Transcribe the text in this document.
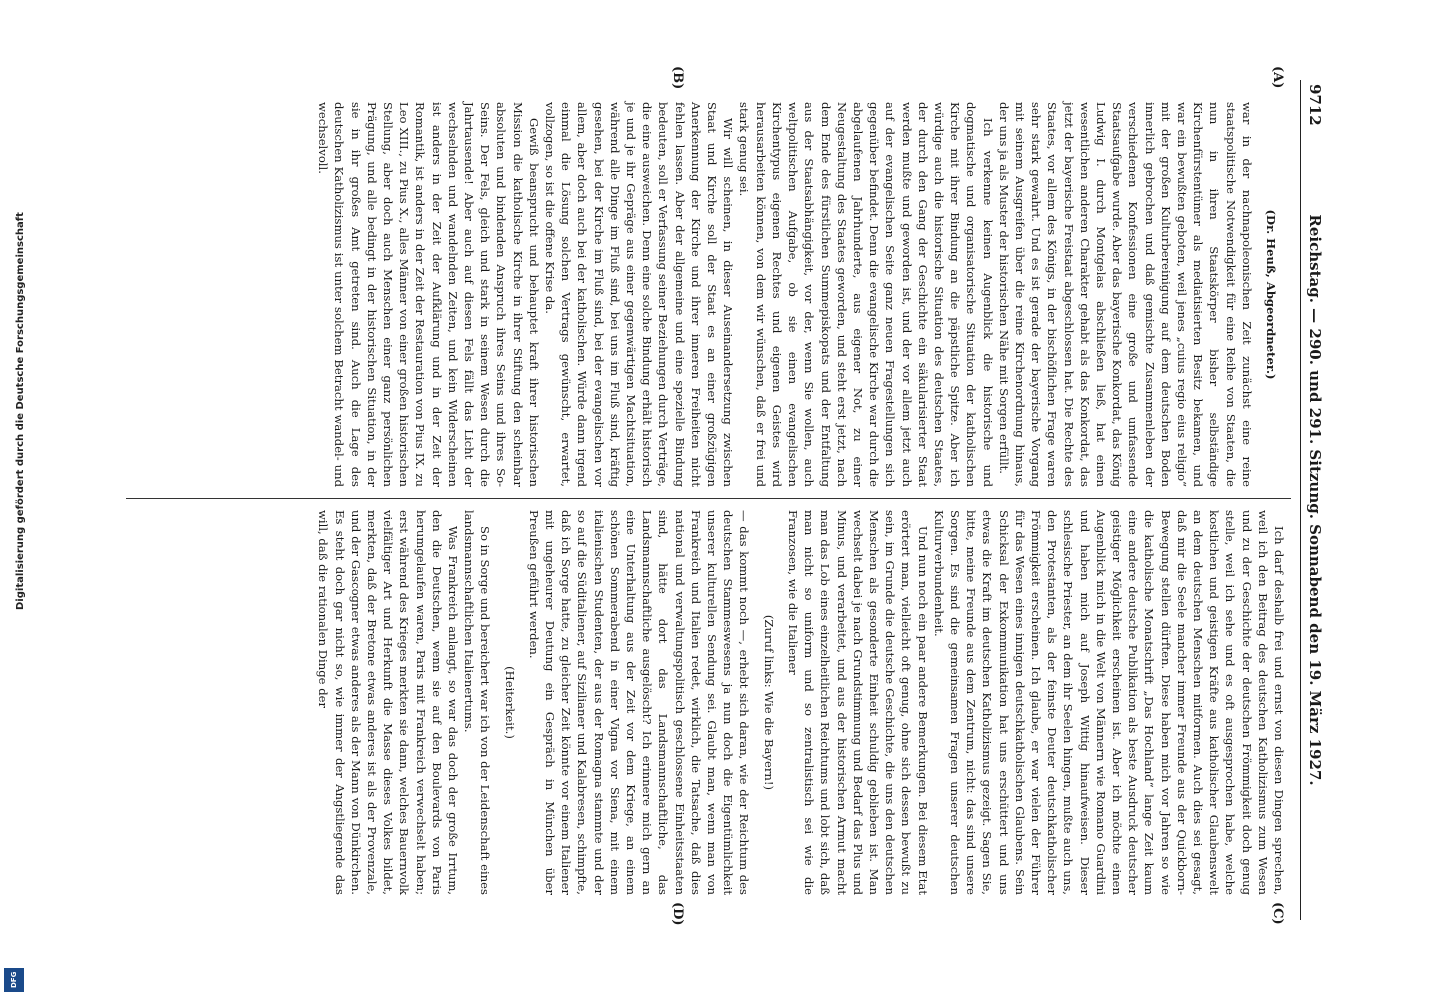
9712
Reichstag. — 290. und 291. Sitzung. Sonnabend den 19. März 1927.
(A)
(B)
(C)
(D)

(Dr. Heuß, Abgeordneter.)

war in der nachnapoleonischen Zeit zunächst eine reine staatspolitische Notwendigkeit für eine Reihe von Staaten, die nun in ihren Staatskörper bisher selbständige Kirchenfürstentümer als mediatisierten Besitz bekamen, und war ein bewußten geboten, weil jenes „cuius regio eius religio“ mit der großen Kulturbereinigung auf dem deutschen Boden innerlich gebrochen und daß gemischte Zusammenleben der verschiedenen Konfessionen eine große und umfassende Staatsaufgabe wurde. Aber das bayerische Konkordat, das König Ludwig I. durch Montgelas abschließen ließ, hat einen wesentlichen anderen Charakter gehabt als das Konkordat, das jetzt der bayerische Freistaat abgeschlossen hat. Die Rechte des Staates, vor allem des Königs, in der bischöflichen Frage waren sehr stark gewahrt. Und es ist gerade der bayerische Vorgang mit seinem Ausgreifen über die reine Kirchenordnung hinaus, der uns ja als Muster der historischen Nähe mit Sorgen erfüllt.

Ich verkenne keinen Augenblick die historische und dogmatische und organisatorische Situation der katholischen Kirche mit ihrer Bindung an die päpstliche Spitze. Aber ich würdige auch die historische Situation des deutschen Staates, der durch den Gang der Geschichte ein säkularisierter Staat werden mußte und geworden ist, und der vor allem jetzt auch auf der evangelischen Seite ganz neuen Fragestellungen sich gegenüber befindet. Denn die evangelische Kirche war durch die abgelaufenen Jahrhunderte, aus eigener Not, zu einer Neugestaltung des Staates geworden, und steht erst jetzt, nach dem Ende des fürstlichen Summepiskopats und der Entfaltung aus der Staatsabhängigkeit, vor der, wenn Sie wollen, auch weltpolitischen Aufgabe, ob sie einen evangelischen Kirchentypus eigenen Rechtes und eigenen Geistes wird herausarbeiten können, von dem wir wünschen, daß er frei und stark genug sei.

Wir will scheinen, in dieser Auseinandersetzung zwischen Staat und Kirche soll der Staat es an einer großzügigen Anerkennung der Kirche und ihrer inneren Freiheiten nicht fehlen lassen. Aber der allgemeine und eine spezielle Bindung bedeuten, soll er Verfassung seiner Beziehungen durch Verträge, die eine ausweichen. Denn eine solche Bindung erhält historisch je und je ihr Gepräge aus einer gegenwärtigen Machtsituation, während alle Dinge im Fluß sind, bei uns im Fluß sind, kräftig gesehen, bei der Kirche im Fluß sind, bei der evangelischen vor allem, aber doch auch bei der katholischen. Würde dann irgend einmal die Lösung solchen Vertrags gewünscht, erwartet, vollzogen, so ist die offene Krise da.

Gewiß beansprucht und behauptet kraft ihrer historischen Mission die katholische Kirche in ihrer Stiftung den scheinbar absoluten und bindenden Anspruch ihres Seins und ihres So-Seins. Der Fels, gleich und stark in seinem Wesen durch die Jahrtausende! Aber auch auf diesen Fels fällt das Licht der wechselnden und wandelnden Zeiten, und kein Widerscheinen ist anders in der Zeit der Aufklärung und in der Zeit der Romantik, ist anders in der Zeit der Restauration von Pius IX. zu Leo XIII., zu Pius X., alles Männer von einer großen historischen Stellung, aber doch auch Menschen einer ganz persönlichen Prägung, und alle bedingt in der historischen Situation, in der sie in ihr großes Amt getreten sind. Auch die Lage des deutschen Katholizismus ist unter solchem Betracht wandel- und wechselvoll.

Ich darf deshalb frei und ernst von diesen Dingen sprechen, weil ich den Beitrag des deutschen Katholizismus zum Wesen und zu der Geschichte der deutschen Frömmigkeit doch genug stelle, weil ich sehe und es oft ausgesprochen habe, welche kostlichen und geistigen Kräfte aus katholischer Glaubenswelt an dem deutschen Menschen mitformen. Auch dies sei gesagt, daß mir die Seele mancher immer Freunde aus der Quickborn-Bewegung stellen dürften. Diese haben mich vor Jahren so wie die katholische Monatschrift „Das Hochland“ lange Zeit kaum eine andere deutsche Publikation als beste Ausdruck deutscher geistiger Möglichkeit erscheinen ist. Aber ich möchte einen Augenblick mich in die Welt von Männern wie Romano Guardini und haben mich auf Joseph Wittig hinaufweisen. Dieser schlesische Priester, an dem ihr Seelen hingen, mußte auch uns, den Protestanten, als der feinste Deuter deutschkatholischer Frömmigkeit erscheinen. Ich glaube, er war vielen der Führer für das Wesen eines innigen deutschkatholischen Glaubens. Sein Schicksal der Exkommunikation hat uns erschüttert und uns etwas die Kraft im deutschen Katholizismus gezeigt. Sagen Sie, bitte, meine Freunde aus dem Zentrum, nicht: das sind unsere Sorgen. Es sind die gemeinsamen Fragen unserer deutschen Kulturverbundenheit.

Und nun noch ein paar andere Bemerkungen. Bei diesem Etat erörtert man, vielleicht oft genug, ohne sich dessen bewußt zu sein, im Grunde die deutsche Geschichte, die uns den deutschen Menschen als gesonderte Einheit schuldig geblieben ist. Man wechselt dabei je nach Grundstimmung und Bedarf das Plus und Minus, und verarbeitet, und aus der historischen Armut macht man das Lob eines einzelheitlichen Reichtums und lobt sich, daß man nicht so uniform und so zentralistisch sei wie die Franzosen, wie die Italiener

(Zuruf links: Wie die Bayern!)

— das kommt noch —, erhebt sich daran, wie der Reichtum des deutschen Stammeswesens ja nun doch die Eigentümlichkeit unserer kulturellen Sendung sei. Glaubt man, wenn man von Frankreich und Italien redet, wirklich, die Tatsache, daß dies national und verwaltungspolitisch geschlossene Einheitsstaaten sind, hätte dort das Landsmannschaftliche, das Landsmannschaftliche ausgelöscht? Ich erinnere mich gern an eine Unterhaltung aus der Zeit vor dem Kriege, an einem schönen Sommerabend in einer Vigna vor Siena, mit einem italienischen Studenten, der aus der Romagna stammte und der so auf die Süditaliener, auf Sizilianer und Kalabresen, schimpfte, daß ich Sorge hatte, zu gleicher Zeit könnte vor einem Italiener mit ungeheurer Deutung ein Gespräch in München über Preußen geführt werden.

(Heiterkeit.)

So in Sorge und bereichert war ich von der Leidenschaft eines landsmannschaftlichen Italienertums.

Was Frankreich anlangt, so war das doch der große Irrtum, den die Deutschen, wenn sie auf den Boulevards von Paris herumgelaufen waren, Paris mit Frankreich verwechselt haben; erst während des Krieges merkten sie dann, welches Bauernvolk vielfältiger Art und Herkunft die Masse dieses Volkes bildet, merkten, daß der Bretone etwas anderes ist als der Provenzale, und der Gascogner etwas anderes als der Mann von Dünkirchen. Es steht doch gar nicht so, wie immer der Angstliegende das will, daß die rationalen Dinge der

Digitalisierung gefördert durch die Deutsche Forschungsgemeinschaft
DFG
